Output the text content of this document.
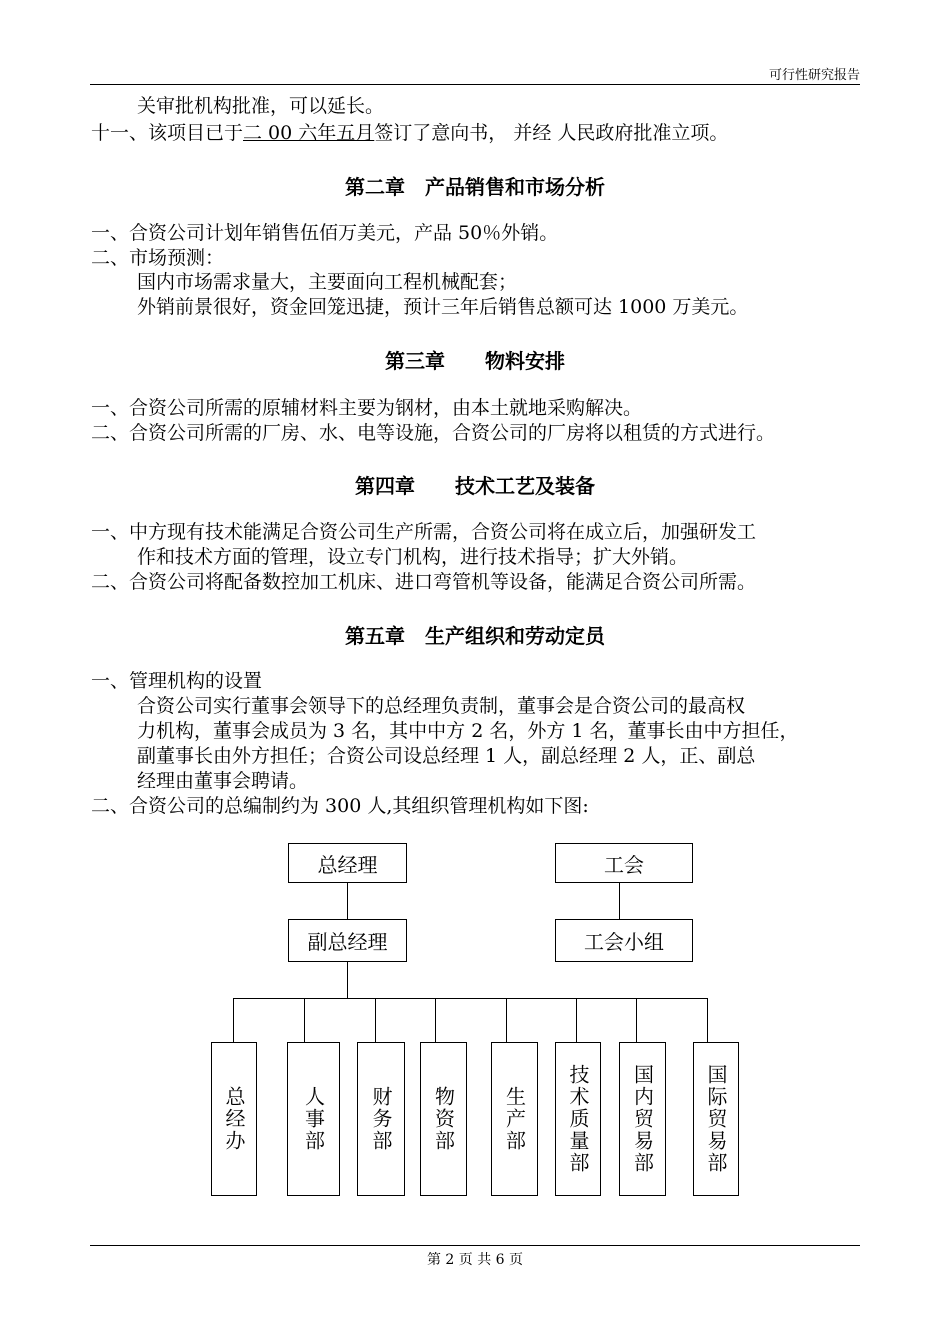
可行性研究报告
关审批机构批准，可以延长。
十一、该项目已于二 00 六年五月签订了意向书， 并经 人民政府批准立项。
第二章　产品销售和市场分析
一、合资公司计划年销售伍佰万美元，产品 50％外销。
二、市场预测：
国内市场需求量大，主要面向工程机械配套；
外销前景很好，资金回笼迅捷，预计三年后销售总额可达 1000 万美元。
第三章　　物料安排
一、合资公司所需的原辅材料主要为钢材，由本土就地采购解决。
二、合资公司所需的厂房、水、电等设施，合资公司的厂房将以租赁的方式进行。
第四章　　技术工艺及装备
一、中方现有技术能满足合资公司生产所需，合资公司将在成立后，加强研发工
作和技术方面的管理，设立专门机构，进行技术指导；扩大外销。
二、合资公司将配备数控加工机床、进口弯管机等设备，能满足合资公司所需。
第五章　生产组织和劳动定员
一、管理机构的设置
合资公司实行董事会领导下的总经理负责制，董事会是合资公司的最高权
力机构，董事会成员为 3 名，其中中方 2 名，外方 1 名，董事长由中方担任，
副董事长由外方担任；合资公司设总经理 1 人，副总经理 2 人，正、副总
经理由董事会聘请。
二、合资公司的总编制约为 300 人,其组织管理机构如下图:
总经理
副总经理
工会
工会小组
总经办	人事部 财务部 物资部 生产部 技术质量部 国内贸易部 国际贸易部
第 2 页 共 6 页
